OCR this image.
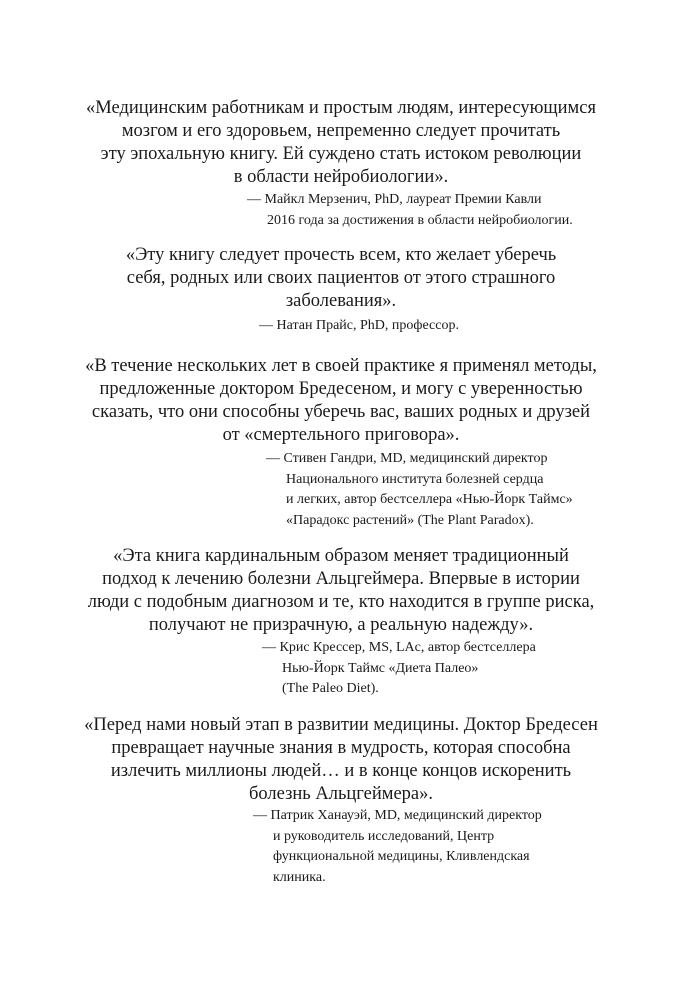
«Медицинским работникам и простым людям, интересующимся
мозгом и его здоровьем, непременно следует прочитать
эту эпохальную книгу. Ей суждено стать истоком революции
в области нейробиологии».

— Майкл Мерзенич, PhD, лауреат Премии Кавли
2016 года за достижения в области нейробиологии.

«Эту книгу следует прочесть всем, кто желает уберечь
себя, родных или своих пациентов от этого страшного
заболевания».

— Натан Прайс, PhD, профессор.

«В течение нескольких лет в своей практике я применял методы,
предложенные доктором Бредесеном, и могу с уверенностью
сказать, что они способны уберечь вас, ваших родных и друзей
от «смертельного приговора».

— Стивен Гандри, MD, медицинский директор
Национального института болезней сердца
и легких, автор бестселлера «Нью-Йорк Таймс»
«Парадокс растений» (The Plant Paradox).

«Эта книга кардинальным образом меняет традиционный
подход к лечению болезни Альцгеймера. Впервые в истории
люди с подобным диагнозом и те, кто находится в группе риска,
получают не призрачную, а реальную надежду».

— Крис Крессер, MS, LAc, автор бестселлера
Нью-Йорк Таймс «Диета Палео»
(The Paleo Diet).

«Перед нами новый этап в развитии медицины. Доктор Бредесен
превращает научные знания в мудрость, которая способна
излечить миллионы людей… и в конце концов искоренить
болезнь Альцгеймера».

— Патрик Ханауэй, MD, медицинский директор
и руководитель исследований, Центр
функциональной медицины, Кливлендская
клиника.
